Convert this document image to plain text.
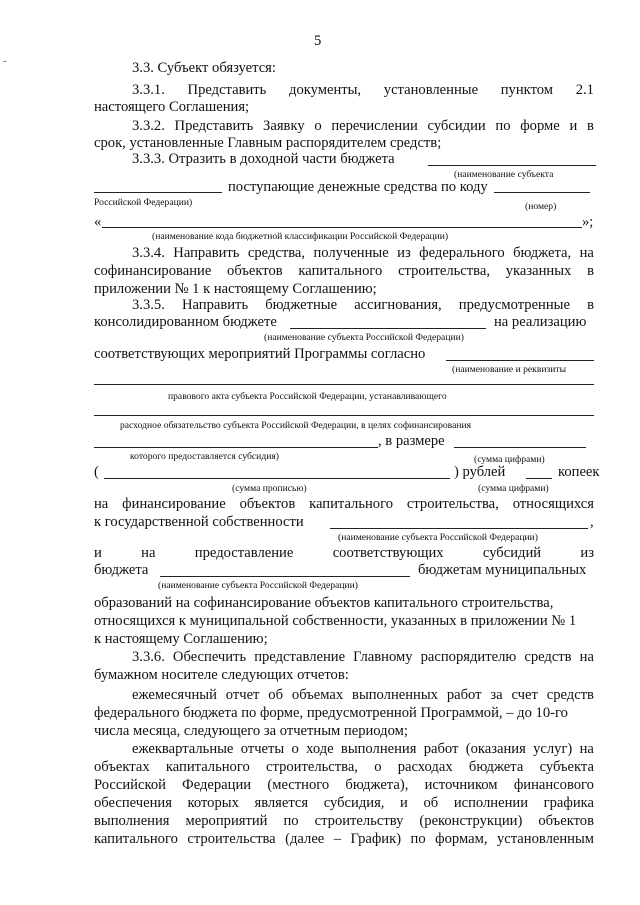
5
-	3.3. Субъект обязуется:
3.3.1. Представить документы, установленные пунктом 2.1
настоящего Соглашения;
3.3.2. Представить Заявку о перечислении субсидии по форме и в
срок, установленные Главным распорядителем средств;
3.3.3. Отразить в доходной части бюджета
(наименование субъекта
поступающие денежные средства по коду
Российской Федерации)	(номер)
«	»;
(наименование кода бюджетной классификации Российской Федерации)
3.3.4. Направить средства, полученные из федерального бюджета, на
софинансирование объектов капитального строительства, указанных в
приложении № 1 к настоящему Соглашению;
3.3.5. Направить бюджетные ассигнования, предусмотренные в
консолидированном бюджете	на реализацию
(наименование субъекта Российской Федерации)
соответствующих мероприятий Программы согласно
(наименование и реквизиты
правового акта субъекта Российской Федерации, устанавливающего
расходное обязательство субъекта Российской Федерации, в целях софинансирования
, в размере
которого предоставляется субсидия)	(сумма цифрами)
(	) рублей	копеек
(сумма прописью)	(сумма цифрами)
на финансирование объектов капитального строительства, относящихся
к государственной собственности	,
(наименование субъекта Российской Федерации)
и	на	предоставление	соответствующих	субсидий	из
бюджета	бюджетам муниципальных
(наименование субъекта Российской Федерации)
образований на софинансирование объектов капитального строительства,
относящихся к муниципальной собственности, указанных в приложении № 1
к настоящему Соглашению;
3.3.6. Обеспечить представление Главному распорядителю средств на
бумажном носителе следующих отчетов:
ежемесячный отчет об объемах выполненных работ за счет средств
федерального бюджета по форме, предусмотренной Программой, – до 10-го
числа месяца, следующего за отчетным периодом;
ежеквартальные отчеты о ходе выполнения работ (оказания услуг) на
объектах капитального строительства, о расходах бюджета субъекта
Российской Федерации (местного бюджета), источником финансового
обеспечения которых является субсидия, и об исполнении графика
выполнения мероприятий по строительству (реконструкции) объектов
капитального строительства (далее – График) по формам, установленным
